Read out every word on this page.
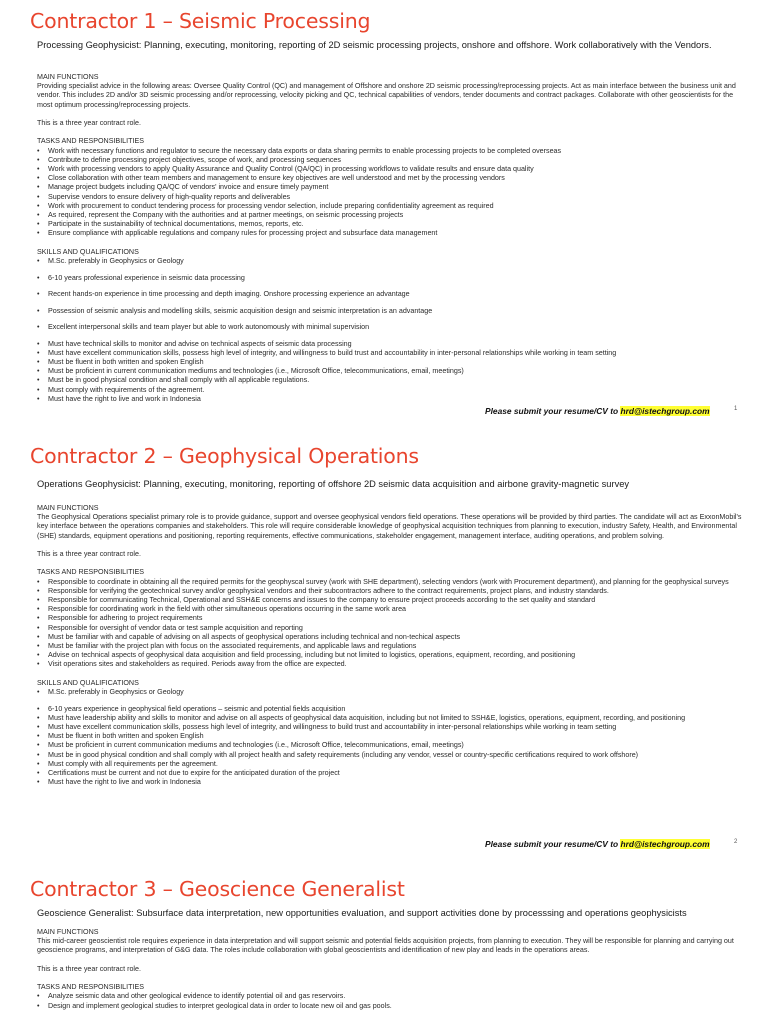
Contractor 1 – Seismic Processing
Processing Geophysicist: Planning, executing, monitoring, reporting of 2D seismic processing projects, onshore and offshore. Work collaboratively with the Vendors.

MAIN FUNCTIONS

Providing specialist advice in the following areas: Oversee Quality Control (QC) and management of Offshore and onshore 2D seismic processing/reprocessing projects. Act as main interface between the business unit and vendor. This includes 2D and/or 3D seismic processing and/or reprocessing, velocity picking and QC, technical capabilities of vendors, tender documents and contract packages. Collaborate with other geoscientists for the most optimum processing/reprocessing projects.

This is a three year contract role.

TASKS AND RESPONSIBILITIES

• Work with necessary functions and regulator to secure the necessary data exports or data sharing permits to enable processing projects to be completed overseas
• Contribute to define processing project objectives, scope of work, and processing sequences
• Work with processing vendors to apply Quality Assurance and Quality Control (QA/QC) in processing workflows to validate results and ensure data quality
• Close collaboration with other team members and management to ensure key objectives are well understood and met by the processing vendors
• Manage project budgets including QA/QC of vendors' invoice and ensure timely payment
• Supervise vendors to ensure delivery of high-quality reports and deliverables
• Work with procurement to conduct tendering process for processing vendor selection, include preparing confidentiality agreement as required
• As required, represent the Company with the authorities and at partner meetings, on seismic processing projects
• Participate in the sustainability of technical documentations, memos, reports, etc.
• Ensure compliance with applicable regulations and company rules for processing project and subsurface data management

SKILLS AND QUALIFICATIONS

• M.Sc. preferably in Geophysics or Geology
• 6-10 years professional experience in seismic data processing
• Recent hands-on experience in time processing and depth imaging. Onshore processing experience an advantage
• Possession of seismic analysis and modelling skills, seismic acquisition design and seismic interpretation is an advantage
• Excellent interpersonal skills and team player but able to work autonomously with minimal supervision
• Must have technical skills to monitor and advise on technical aspects of seismic data processing
• Must have excellent communication skills, possess high level of integrity, and willingness to build trust and accountability in inter-personal relationships while working in team setting
• Must be fluent in both written and spoken English
• Must be proficient in current communication mediums and technologies (i.e., Microsoft Office, telecommunications, email, meetings)
• Must be in good physical condition and shall comply with all applicable regulations.
• Must comply with requirements of the agreement.
• Must have the right to live and work in Indonesia
Please submit your resume/CV to hrd@istechgroup.com	1
Contractor 2 – Geophysical Operations
Operations Geophysicist: Planning, executing, monitoring, reporting of offshore 2D seismic data acquisition and airbone gravity-magnetic survey

MAIN FUNCTIONS

The Geophysical Operations specialist primary role is to provide guidance, support and oversee geophysical vendors field operations. These operations will be provided by third parties. The candidate will act as ExxonMobil's key interface between the operations companies and stakeholders. This role will require considerable knowledge of geophysical acquisition techniques from planning to execution, industry Safety, Health, and Environmental (SHE) standards, equipment operations and positioning, reporting requirements, effective communications, stakeholder engagement, management interface, auditing operations, and problem solving.

This is a three year contract role.

TASKS AND RESPONSIBILITIES

• Responsible to coordinate in obtaining all the required permits for the geophyscal survey (work with SHE department), selecting vendors (work with Procurement department), and planning for the geophysical surveys
• Responsible for verifying the geotechnical survey and/or geophysical vendors and their subcontractors adhere to the contract requirements, project plans, and industry standards.
• Responsible for communicating Technical, Operational and SSH&E concerns and issues to the company to ensure project proceeds according to the set quality and standard
• Responsible for coordinating work in the field with other simultaneous operations occurring in the same work area
• Responsible for adhering to project requirements
• Responsible for oversight of vendor data or test sample acquisition and reporting
• Must be familiar with and capable of advising on all aspects of geophysical operations including technical and non-techical aspects
• Must be familiar with the project plan with focus on the associated requirements, and applicable laws and regulations
• Advise on technical aspects of geophysical data acquisition and field processing, including but not limited to logistics, operations, equipment, recording, and positioning
• Visit operations sites and stakeholders as required. Periods away from the office are expected.

SKILLS AND QUALIFICATIONS

• M.Sc. preferably in Geophysics or Geology
• 6-10 years experience in geophysical field operations – seismic and potential fields acquisition
• Must have leadership ability and skills to monitor and advise on all aspects of geophysical data acquisition, including but not limited to SSH&E, logistics, operations, equipment, recording, and positioning
• Must have excellent communication skills, possess high level of integrity, and willingness to build trust and accountability in inter-personal relationships while working in team setting
• Must be fluent in both written and spoken English
• Must be proficient in current communication mediums and technologies (i.e., Microsoft Office, telecommunications, email, meetings)
• Must be in good physical condition and shall comply with all project health and safety requirements (including any vendor, vessel or country-specific certifications required to work offshore)
• Must comply with all requirements per the agreement.
• Certifications must be current and not due to expire for the anticipated duration of the project
• Must have the right to live and work in Indonesia
Please submit your resume/CV to hrd@istechgroup.com	2
Contractor 3 – Geoscience Generalist
Geoscience Generalist: Subsurface data interpretation, new opportunities evaluation, and support activities done by processsing and operations geophysicists

MAIN FUNCTIONS

This mid-career geoscientist role requires experience in data interpretation and will support seismic and potential fields acquisition projects, from planning to execution. They will be responsible for planning and carrying out geoscience programs, and interpretation of G&G data. The roles include collaboration with global geoscientists and identification of new play and leads in the operations areas.

This is a three year contract role.

TASKS AND RESPONSIBILITIES

• Analyze seismic data and other geological evidence to identify potential oil and gas reservoirs.
• Design and implement geological studies to interpret geological data in order to locate new oil and gas pools.
